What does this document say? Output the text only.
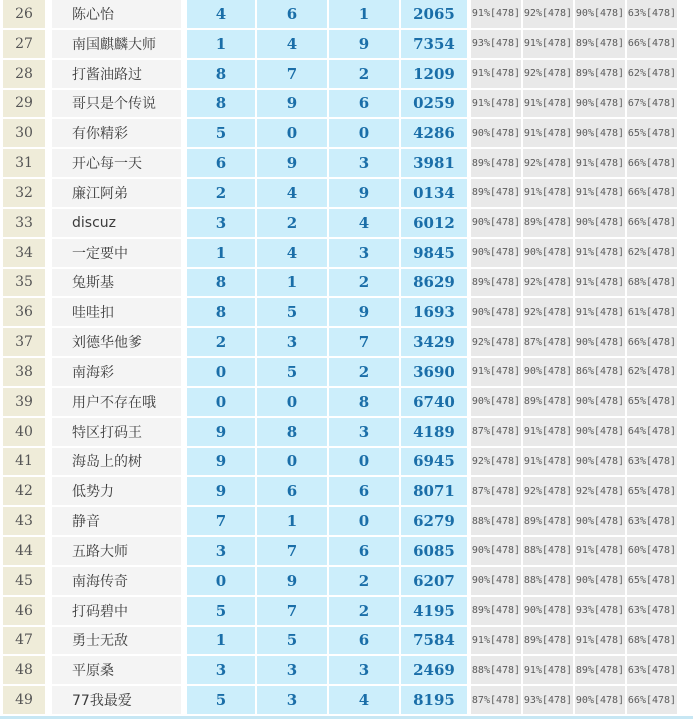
26	陈心怡	4	6	1	2065	91%[478] 92%[478] 90%[478] 63%[478]
27	南国麒麟大师	1	4	9	7354	93%[478] 91%[478] 89%[478] 66%[478]
28	打酱油路过	8	7	2	1209	91%[478] 92%[478] 89%[478] 62%[478]
29	哥只是个传说	8	9	6	0259	91%[478] 91%[478] 90%[478] 67%[478]
30	有你精彩	5	0	0	4286	90%[478] 91%[478] 90%[478] 65%[478]
31	开心每一天	6	9	3	3981	89%[478] 92%[478] 91%[478] 66%[478]
32	廉江阿弟	2	4	9	0134	89%[478] 91%[478] 91%[478] 66%[478]
33	discuz	3	2	4	6012	90%[478] 89%[478] 90%[478] 66%[478]
34	一定要中	1	4	3	9845	90%[478] 90%[478] 91%[478] 62%[478]
35	兔斯基	8	1	2	8629	89%[478] 92%[478] 91%[478] 68%[478]
36	哇哇扣	8	5	9	1693	90%[478] 92%[478] 91%[478] 61%[478]
37	刘德华他爹	2	3	7	3429	92%[478] 87%[478] 90%[478] 66%[478]
38	南海彩	0	5	2	3690	91%[478] 90%[478] 86%[478] 62%[478]
39	用户不存在哦	0	0	8	6740	90%[478] 89%[478] 90%[478] 65%[478]
40	特区打码王	9	8	3	4189	87%[478] 91%[478] 90%[478] 64%[478]
41	海岛上的树	9	0	0	6945	92%[478] 91%[478] 90%[478] 63%[478]
42	低势力	9	6	6	8071	87%[478] 92%[478] 92%[478] 65%[478]
43	静音	7	1	0	6279	88%[478] 89%[478] 90%[478] 63%[478]
44	五路大师	3	7	6	6085	90%[478] 88%[478] 91%[478] 60%[478]
45	南海传奇	0	9	2	6207	90%[478] 88%[478] 90%[478] 65%[478]
46	打码碧中	5	7	2	4195	89%[478] 90%[478] 93%[478] 63%[478]
47	勇士无敌	1	5	6	7584	91%[478] 89%[478] 91%[478] 68%[478]
48	平原桑	3	3	3	2469	88%[478] 91%[478] 89%[478] 63%[478]
49	77我最爱	5	3	4	8195	87%[478] 93%[478] 90%[478] 66%[478]
